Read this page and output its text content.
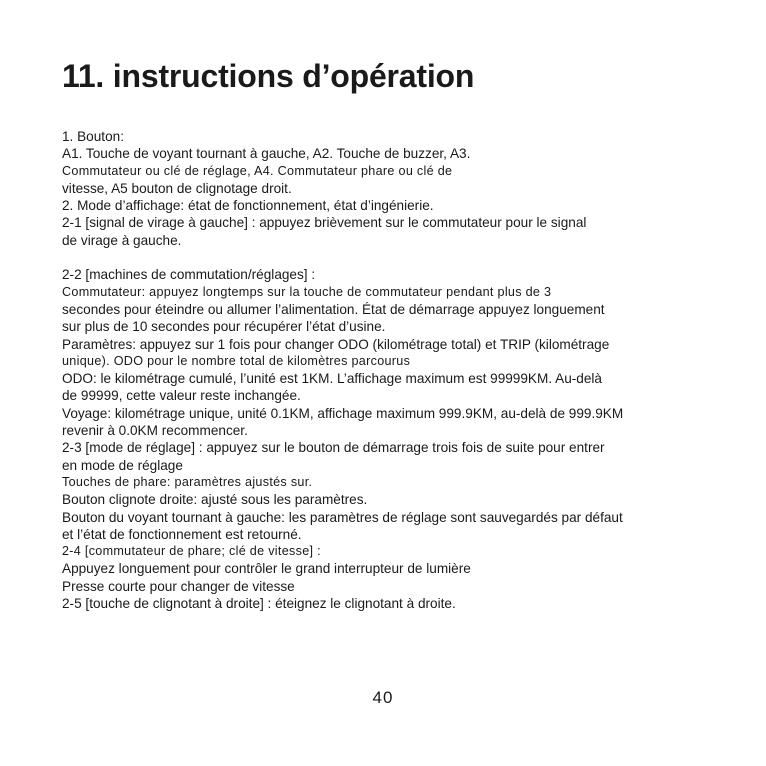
11. instructions d’opération
1. Bouton:
A1. Touche de voyant tournant à gauche, A2. Touche de buzzer, A3.
Commutateur ou clé de réglage, A4. Commutateur phare ou clé de
vitesse, A5 bouton de clignotage droit.
2. Mode d’affichage: état de fonctionnement, état d’ingénierie.
2-1 [signal de virage à gauche] : appuyez brièvement sur le commutateur pour le signal
de virage à gauche.
2-2 [machines de commutation/réglages] :
Commutateur: appuyez longtemps sur la touche de commutateur pendant plus de 3
secondes pour éteindre ou allumer l’alimentation. État de démarrage appuyez longuement
sur plus de 10 secondes pour récupérer l’état d’usine.
Paramètres: appuyez sur 1 fois pour changer ODO (kilométrage total) et TRIP (kilométrage
unique). ODO pour le nombre total de kilomètres parcourus
ODO: le kilométrage cumulé, l’unité est 1KM. L’affichage maximum est 99999KM. Au-delà
de 99999, cette valeur reste inchangée.
Voyage: kilométrage unique, unité 0.1KM, affichage maximum 999.9KM, au-delà de 999.9KM
revenir à 0.0KM recommencer.
2-3 [mode de réglage] : appuyez sur le bouton de démarrage trois fois de suite pour entrer
en mode de réglage
Touches de phare: paramètres ajustés sur.
Bouton clignote droite: ajusté sous les paramètres.
Bouton du voyant tournant à gauche: les paramètres de réglage sont sauvegardés par défaut
et l’état de fonctionnement est retourné.
2-4 [commutateur de phare; clé de vitesse] :
Appuyez longuement pour contrôler le grand interrupteur de lumière
Presse courte pour changer de vitesse
2-5 [touche de clignotant à droite] : éteignez le clignotant à droite.
40
